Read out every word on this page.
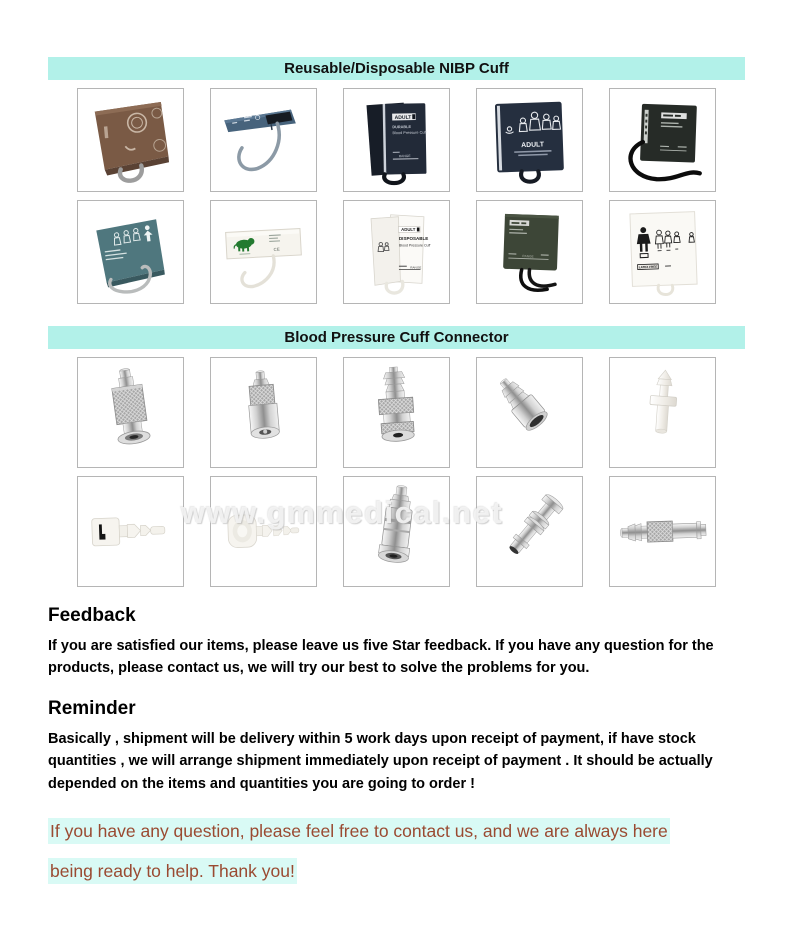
Reusable/Disposable NIBP Cuff
ADULT
DURABLE
Blood Pressure Cuff
RANGE
ADULT
CE
ADULT
DISPOSABLE
Blood Pressure Cuff
RANGE
RANGE
LATEX FREE
Blood Pressure Cuff Connector
Feedback

If you are satisfied our items, please leave us five Star feedback. If you have any question for the products, please contact us, we will try our best to solve the problems for you.

Reminder

Basically , shipment will be delivery within 5 work days upon receipt of payment, if have stock quantities , we will arrange shipment immediately upon receipt of payment . It should be actually depended on the items and quantities you are going to order !

If you have any question, please feel free to contact us, and we are always here
being ready to help. Thank you!
www.gmmedical.net
